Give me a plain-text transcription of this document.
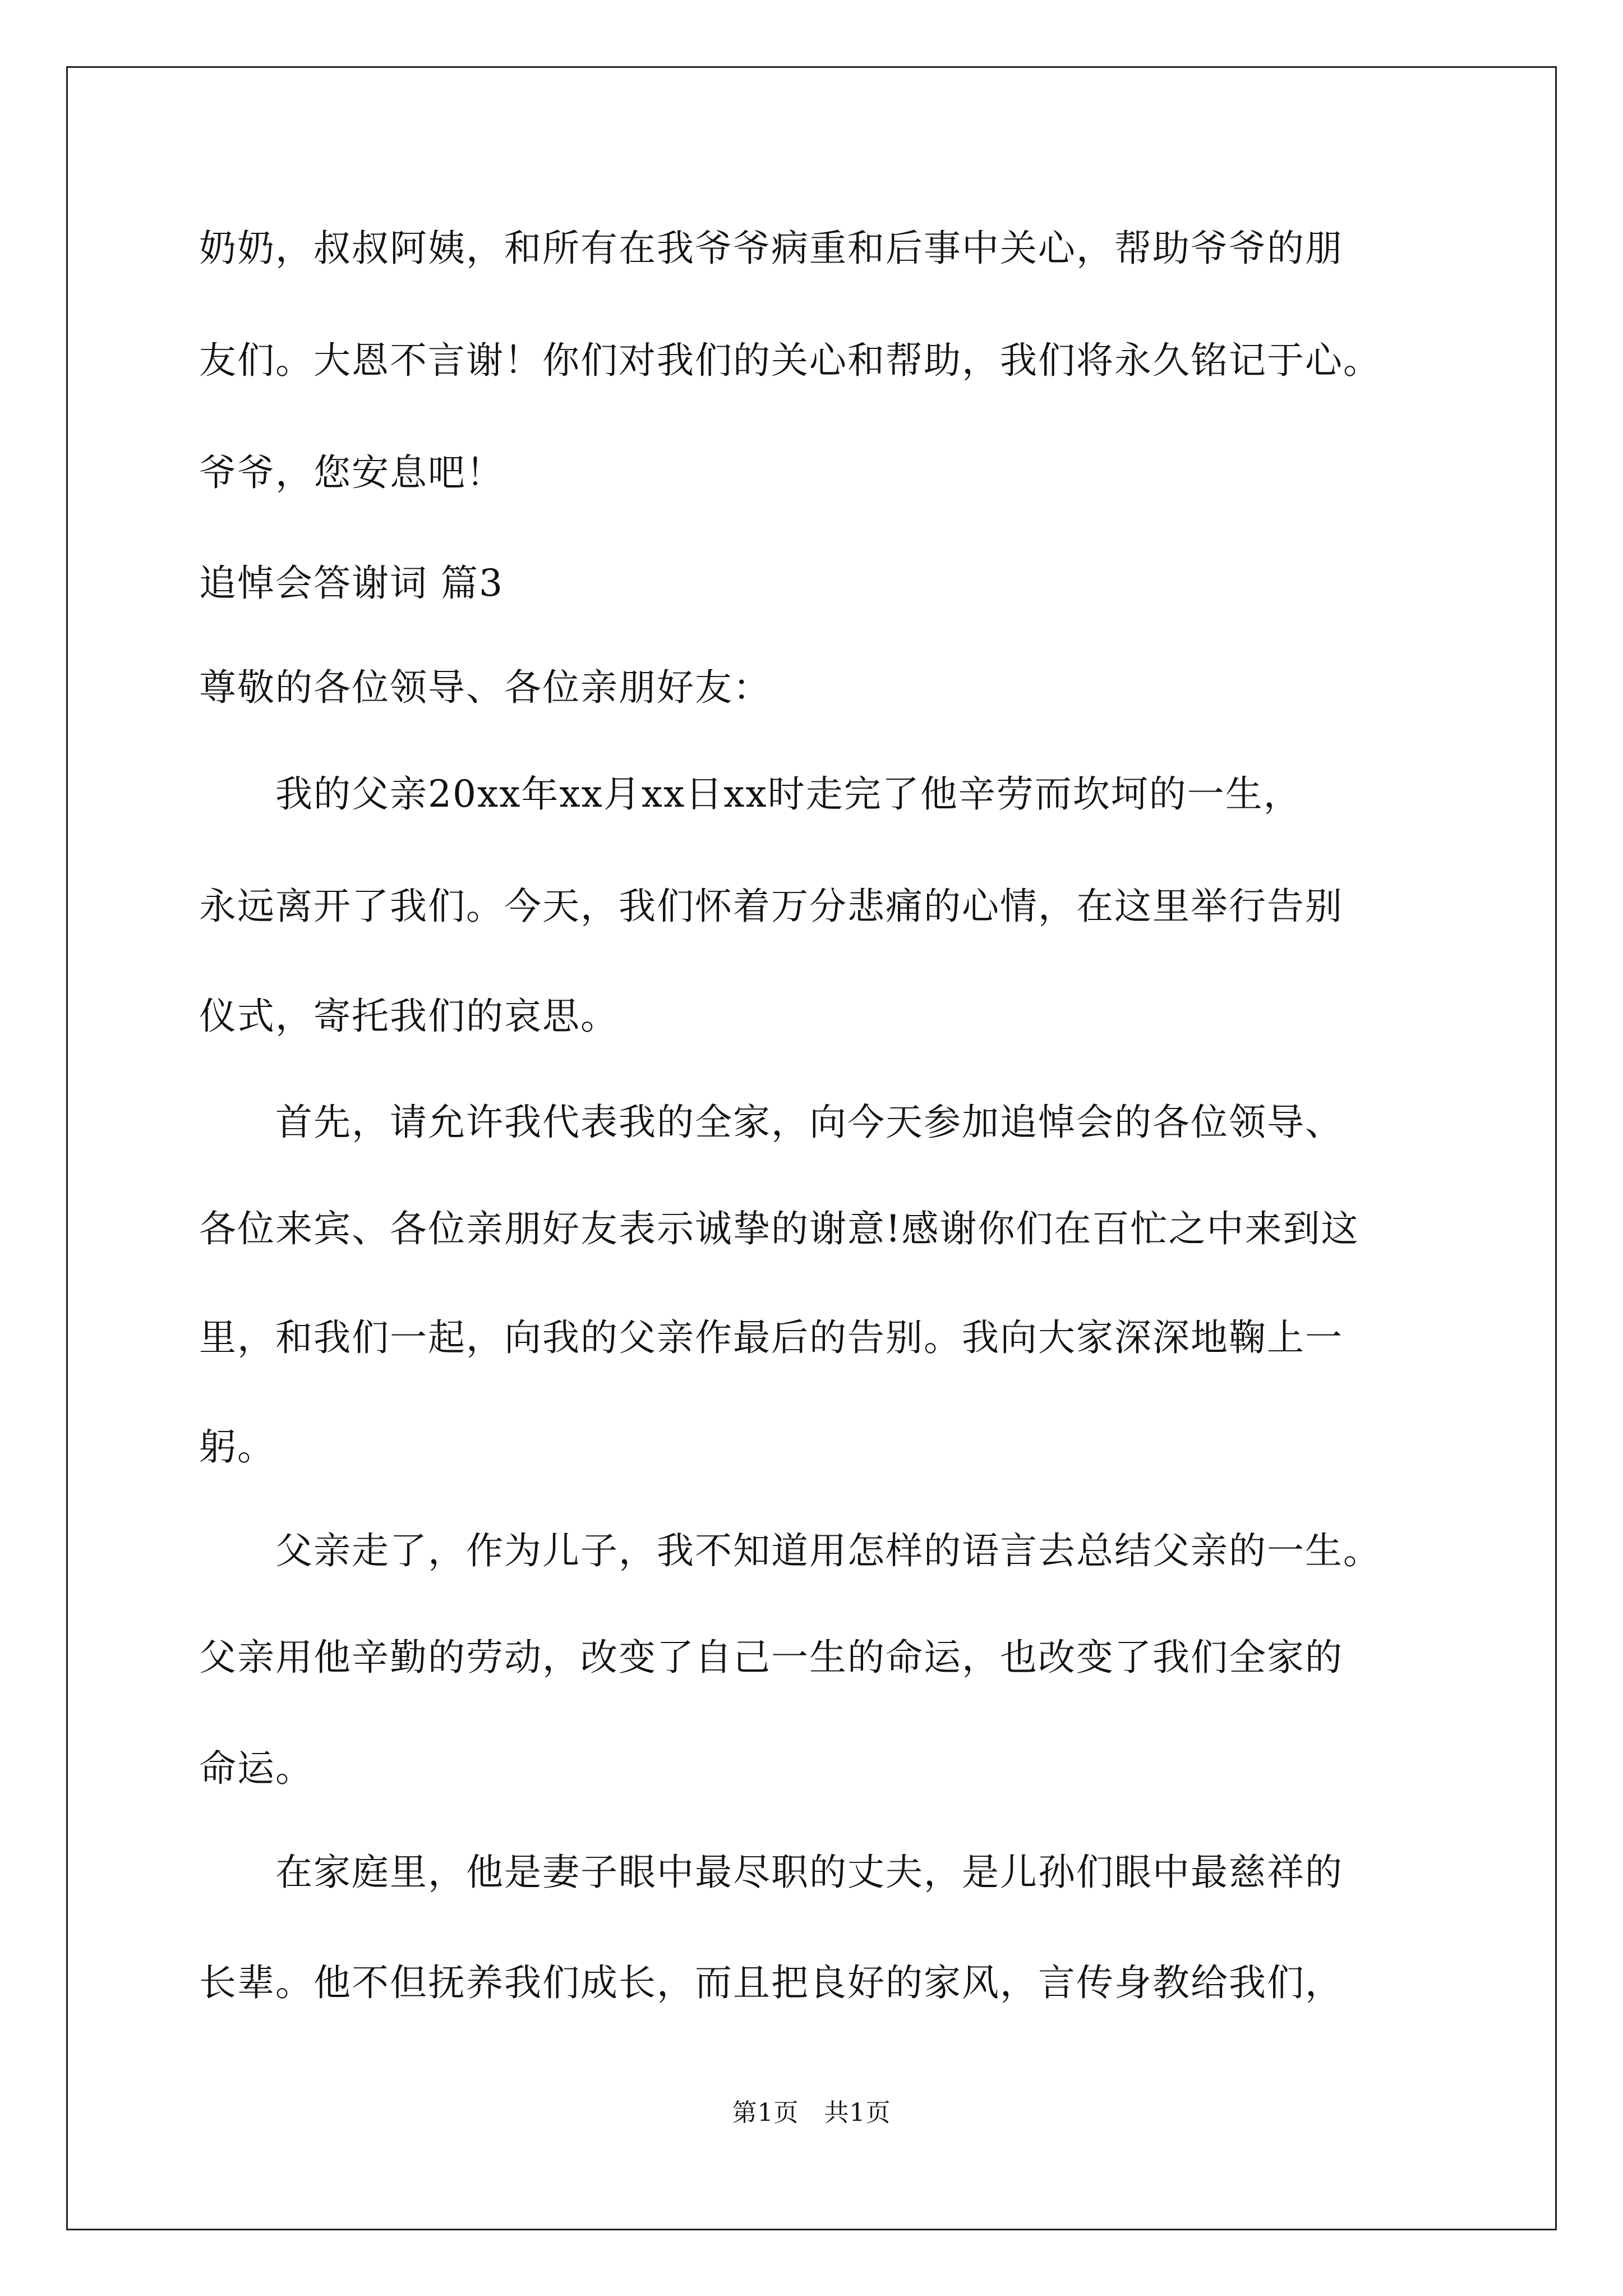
奶奶，叔叔阿姨，和所有在我爷爷病重和后事中关心，帮助爷爷的朋
友们。大恩不言谢！你们对我们的关心和帮助，我们将永久铭记于心。
爷爷，您安息吧！
追悼会答谢词 篇3
尊敬的各位领导、各位亲朋好友：
　　我的父亲20xx年xx月xx日xx时走完了他辛劳而坎坷的一生，
永远离开了我们。今天，我们怀着万分悲痛的心情，在这里举行告别
仪式，寄托我们的哀思。
　　首先，请允许我代表我的全家，向今天参加追悼会的各位领导、
各位来宾、各位亲朋好友表示诚挚的谢意!感谢你们在百忙之中来到这
里，和我们一起，向我的父亲作最后的告别。我向大家深深地鞠上一
躬。
　　父亲走了，作为儿子，我不知道用怎样的语言去总结父亲的一生。
父亲用他辛勤的劳动，改变了自己一生的命运，也改变了我们全家的
命运。
　　在家庭里，他是妻子眼中最尽职的丈夫，是儿孙们眼中最慈祥的
长辈。他不但抚养我们成长，而且把良好的家风，言传身教给我们，
第1页　共1页
